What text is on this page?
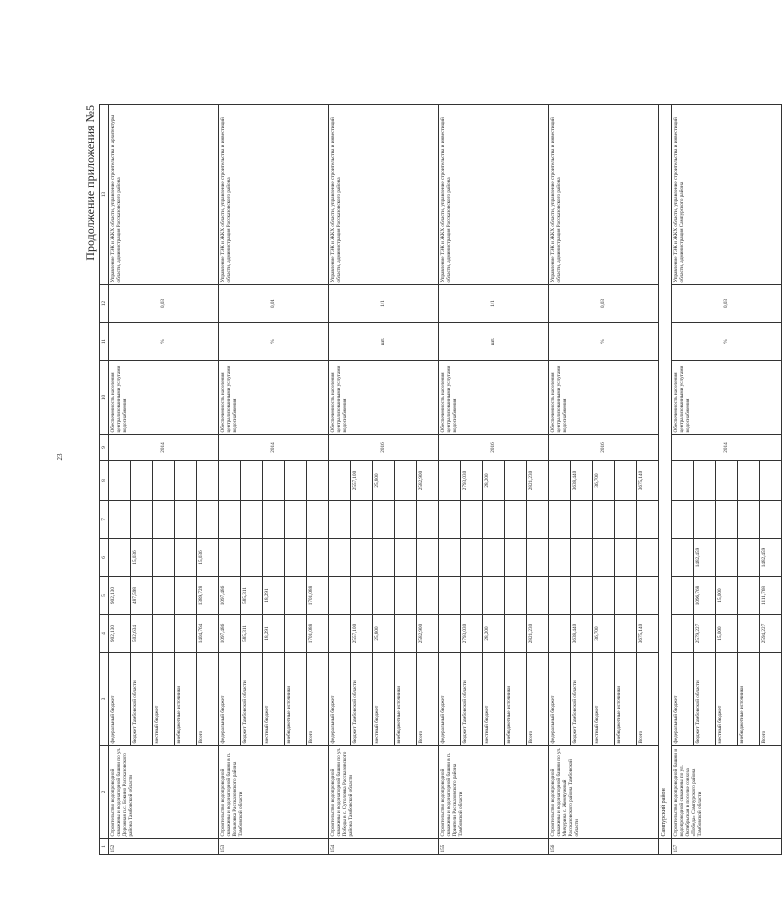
23
Продолжение приложения №5
1	2	3	4	5	6	7	8	9	10	11	12	13
152	Строительство водопроводной скважины и водонапорной башни по ул. Дорожная п.с. Бокино Рассказовского района Тамбовской области	федеральный бюджет	902,130	902,130				2014	Обеспеченность населения централизованными услугами водоснабжения	%	0,03	Управление ТЭК и ЖКХ области, управление строительства и архитектуры области, администрация Рассказовского района
		бюджет Тамбовской области	502,634	487,598	15,036							
		местный бюджет										
		внебюджетные источники										
		Всего	1404,764	1389,728	15,036							
153	Строительство водопроводной скважины и водонапорной башни в п. Вольновка Рассказовского района Тамбовской области	федеральный бюджет	1097,486	1097,486				2014	Обеспеченность населения централизованными услугами водоснабжения	%	0,01	Управление ТЭК и ЖКХ области, управление строительства и инвестиций области, администрация Рассказовского района
		бюджет Тамбовской области	585,311	585,311								
		местный бюджет	18,291	18,291								
		внебюджетные источники										
		Всего	1701,088	1701,088								
154	Строительство водопроводной скважины и водонапорной башни по ул. Победы в с. Сутоловка Рассказовского района Тамбовской области	федеральный бюджет						2016	Обеспеченность населения централизованными услугами водоснабжения	шт.	1/1	Управление ТЭК и ЖКХ области, управление строительства и инвестиций области, администрация Рассказовского района
		бюджет Тамбовской области	2557,100				2557,100					
		местный бюджет	25,800				25,800					
		внебюджетные источники										
		Всего	2582,900				2582,900					
155	Строительство водопроводной скважины и водонапорной башни в п. Приятели Рассказовского района Тамбовской области	федеральный бюджет						2016	Обеспеченность населения централизованными услугами водоснабжения	шт.	1/1	Управление ТЭК и ЖКХ области, управление строительства и инвестиций области, администрация Рассказовского района
		бюджет Тамбовской области	2793,030				2793,030					
		местный бюджет	28,200				28,200					
		внебюджетные источники										
		Всего	2821,230				2821,230					
156	Строительство водопроводной скважины и водонапорной башни по ул. Мичурина с. Жемчужный Рассказовского района Тамбовской области	федеральный бюджет						2016	Обеспеченность населения централизованными услугами водоснабжения	%	0,03	Управление ТЭК и ЖКХ области, управление строительства и инвестиций области, администрация Рассказовского района
		бюджет Тамбовской области	3638,440				3638,440					
		местный бюджет	36,700				36,700					
		внебюджетные источники										
		Всего	3675,140				3675,140					
	Сампурский район											
157	Строительство водопроводной башни и водопроводной скважины по ул. Октябрьская в поселке совхоза «Победа» Сампурского района Тамбовской области	федеральный бюджет						2014	Обеспеченность населения централизованными услугами водоснабжения	%	0,03	Управление ТЭК и ЖКХ области, управление строительства и инвестиций области, администрация Сампурского района
		бюджет Тамбовской области	2579,227	1096,768	1482,459							
		местный бюджет	15,000	15,000								
		внебюджетные источники										
		Всего	2594,227	1111,768	1482,459							
